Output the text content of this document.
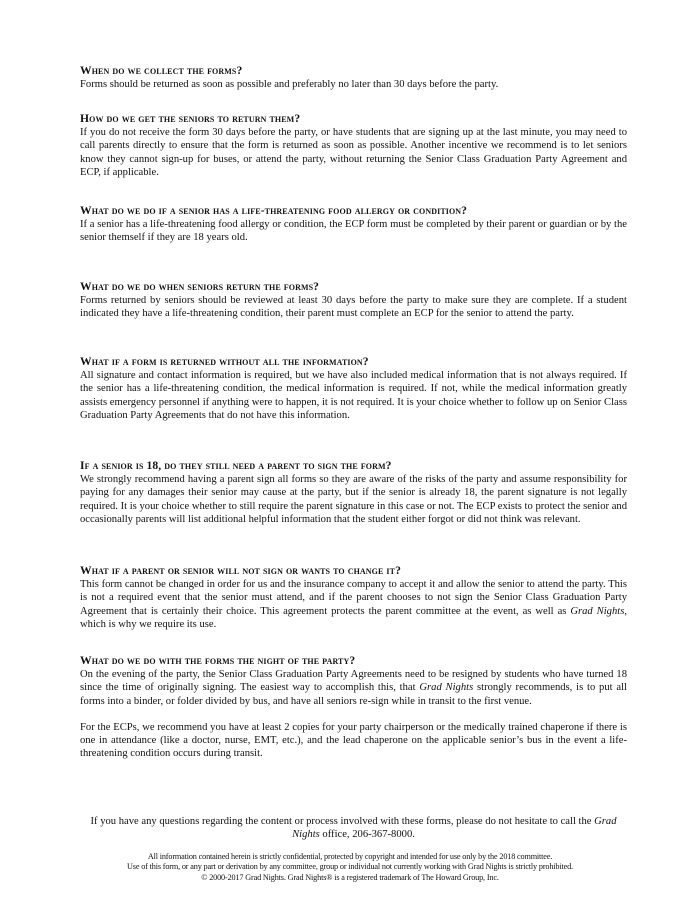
When do we collect the forms?

Forms should be returned as soon as possible and preferably no later than 30 days before the party.

How do we get the seniors to return them?

If you do not receive the form 30 days before the party, or have students that are signing up at the last minute, you may need to call parents directly to ensure that the form is returned as soon as possible. Another incentive we recommend is to let seniors know they cannot sign-up for buses, or attend the party, without returning the Senior Class Graduation Party Agreement and ECP, if applicable.

What do we do if a senior has a life-threatening food allergy or condition?

If a senior has a life-threatening food allergy or condition, the ECP form must be completed by their parent or guardian or by the senior themself if they are 18 years old.

What do we do when seniors return the forms?

Forms returned by seniors should be reviewed at least 30 days before the party to make sure they are complete. If a student indicated they have a life-threatening condition, their parent must complete an ECP for the senior to attend the party.

What if a form is returned without all the information?

All signature and contact information is required, but we have also included medical information that is not always required. If the senior has a life-threatening condition, the medical information is required. If not, while the medical information greatly assists emergency personnel if anything were to happen, it is not required. It is your choice whether to follow up on Senior Class Graduation Party Agreements that do not have this information.

If a senior is 18, do they still need a parent to sign the form?

We strongly recommend having a parent sign all forms so they are aware of the risks of the party and assume responsibility for paying for any damages their senior may cause at the party, but if the senior is already 18, the parent signature is not legally required. It is your choice whether to still require the parent signature in this case or not. The ECP exists to protect the senior and occasionally parents will list additional helpful information that the student either forgot or did not think was relevant.

What if a parent or senior will not sign or wants to change it?

This form cannot be changed in order for us and the insurance company to accept it and allow the senior to attend the party. This is not a required event that the senior must attend, and if the parent chooses to not sign the Senior Class Graduation Party Agreement that is certainly their choice. This agreement protects the parent committee at the event, as well as Grad Nights, which is why we require its use.

What do we do with the forms the night of the party?

On the evening of the party, the Senior Class Graduation Party Agreements need to be resigned by students who have turned 18 since the time of originally signing. The easiest way to accomplish this, that Grad Nights strongly recommends, is to put all forms into a binder, or folder divided by bus, and have all seniors re-sign while in transit to the first venue.

For the ECPs, we recommend you have at least 2 copies for your party chairperson or the medically trained chaperone if there is one in attendance (like a doctor, nurse, EMT, etc.), and the lead chaperone on the applicable senior’s bus in the event a life-threatening condition occurs during transit.

If you have any questions regarding the content or process involved with these forms, please do not hesitate to call the Grad Nights office, 206-367-8000.
All information contained herein is strictly confidential, protected by copyright and intended for use only by the 2018 committee.
Use of this form, or any part or derivation by any committee, group or individual not currently working with Grad Nights is strictly prohibited.
© 2000-2017 Grad Nights. Grad Nights® is a registered trademark of The Howard Group, Inc.
